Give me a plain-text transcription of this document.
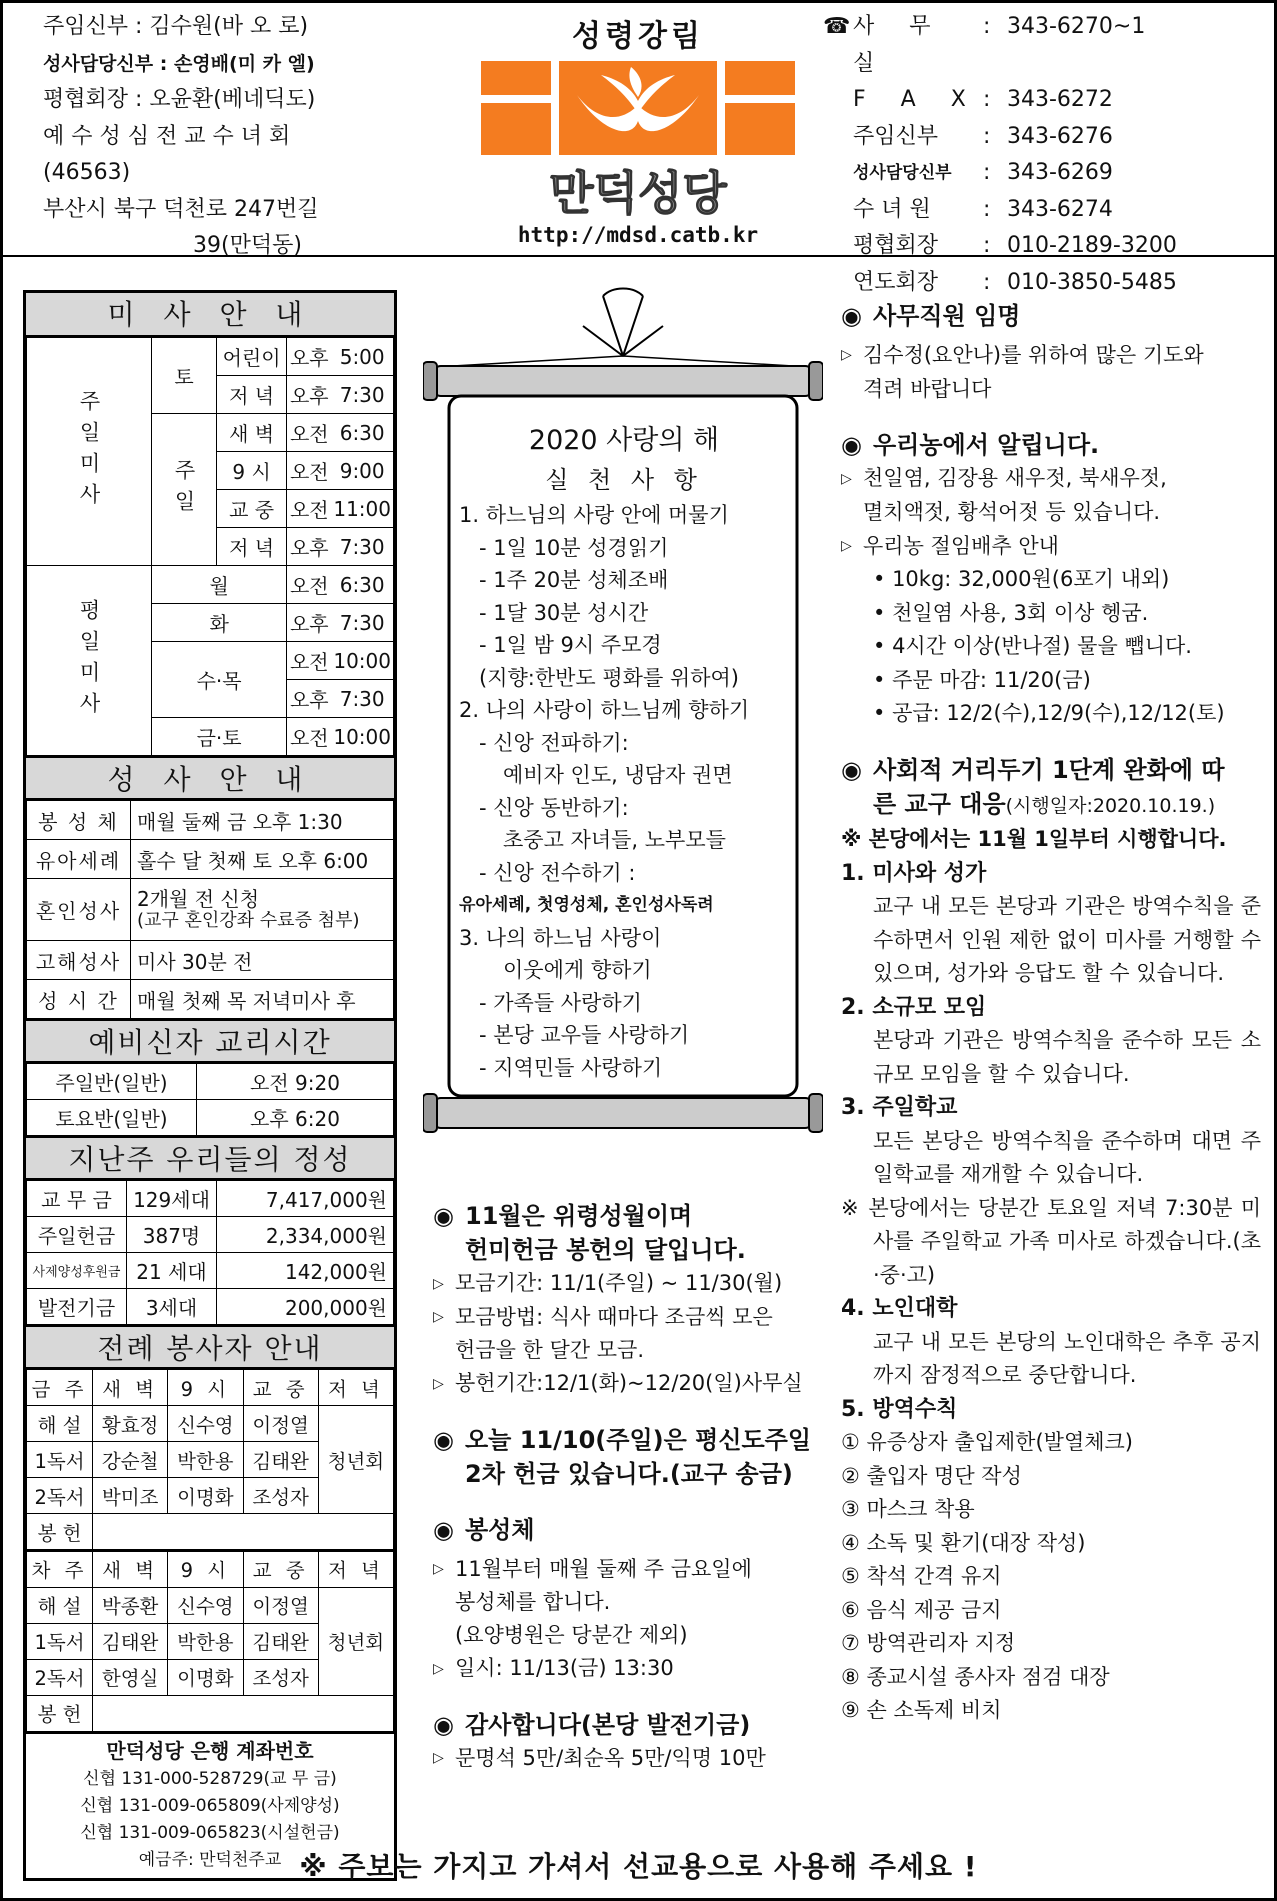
주임신부 : 김수원(바 오 로)
성사담당신부 : 손영배(미 카 엘)
평협회장 : 오윤환(베네딕도)
예 수 성 심 전 교 수 녀 회
(46563)
부산시 북구 덕천로 247번길
39(만덕동)
성령강림
만덕성당
http://mdsd.catb.kr
☎ 사 무 실
: 343-6270~1
F A X : 343-6272
주임신부	: 343-6276
성사담당신부	: 343-6269
수 녀 원	: 343-6274
평협회장	: 010-2189-3200
연도회장	: 010-3850-5485
미 사 안 내
주일미사	토	어린이	오후	5:00
		저 녁	오후	7:30
	주일	새 벽	오전	6:30
		9 시	오전	9:00
		교 중	오전	11:00
		저 녁	오후	7:30
평일미사	월		오전	6:30
	화		오후	7:30
	수·목		오전	10:00
			오후	7:30
	금·토		오전	10:00
성 사 안 내
봉 성 체	매월 둘째 금 오후 1:30
유아세례	홀수 달 첫째 토 오후 6:00
혼인성사	2개월 전 신청
(교구 혼인강좌 수료증 첨부)

고해성사	미사 30분 전
성 시 간	매월 첫째 목 저녁미사 후
예비신자 교리시간
주일반(일반)	오전 9:20
토요반(일반)	오후 6:20
지난주 우리들의 정성
교 무 금	129세대	7,417,000원
주일헌금	387명	2,334,000원
사제양성후원금	21 세대	142,000원
발전기금	3세대	200,000원
전례 봉사자 안내
금 주	새 벽	9 시	교 중	저 녁
해 설	황효정	신수영	이정열	청년회
1독서	강순철	박한용	김태완	
2독서	박미조	이명화	조성자	
봉 헌				
차 주	새 벽	9 시	교 중	저 녁
해 설	박종환	신수영	이정열	청년회
1독서	김태완	박한용	김태완	
2독서	한영실	이명화	조성자	
봉 헌				
만덕성당 은행 계좌번호
신협 131-000-528729(교 무 금)
신협 131-009-065809(사제양성)
신협 131-009-065823(시설헌금)
예금주: 만덕천주교
2020 사랑의 해
실 천 사 항
1. 하느님의 사랑 안에 머물기
- 1일 10분 성경읽기
- 1주 20분 성체조배
- 1달 30분 성시간
- 1일 밤 9시 주모경
(지향:한반도 평화를 위하여)
2. 나의 사랑이 하느님께 향하기
- 신앙 전파하기:
예비자 인도, 냉담자 권면
- 신앙 동반하기:
초중고 자녀들, 노부모들
- 신앙 전수하기 :
유아세례, 첫영성체, 혼인성사독려
3. 나의 하느님 사랑이
이웃에게 향하기
- 가족들 사랑하기
- 본당 교우들 사랑하기
- 지역민들 사랑하기
◉ 11월은 위령성월이며
헌미헌금 봉헌의 달입니다.
▷ 모금기간: 11/1(주일) ~ 11/30(월)
▷ 모금방법: 식사 때마다 조금씩 모은
헌금을 한 달간 모금.
▷ 봉헌기간:12/1(화)~12/20(일)사무실
◉ 오늘 11/10(주일)은 평신도주일
2차 헌금 있습니다.(교구 송금)
◉ 봉성체
▷ 11월부터 매월 둘째 주 금요일에
봉성체를 합니다.
(요양병원은 당분간 제외)
▷ 일시: 11/13(금) 13:30
◉ 감사합니다(본당 발전기금)
▷ 문명석 5만/최순옥 5만/익명 10만
◉ 사무직원 임명
▷ 김수정(요안나)를 위하여 많은 기도와
격려 바랍니다
◉ 우리농에서 알립니다.
▷ 천일염, 김장용 새우젓, 북새우젓,
멸치액젓, 황석어젓 등 있습니다.
▷ 우리농 절임배추 안내
• 10kg: 32,000원(6포기 내외)
• 천일염 사용, 3회 이상 헹굼.
• 4시간 이상(반나절) 물을 뺍니다.
• 주문 마감: 11/20(금)
• 공급: 12/2(수),12/9(수),12/12(토)
◉ 사회적 거리두기 1단계 완화에 따
른 교구 대응(시행일자:2020.10.19.)
※ 본당에서는 11월 1일부터 시행합니다.
1. 미사와 성가
교구 내 모든 본당과 기관은 방역수칙을 준수하면서 인원 제한 없이 미사를 거행할 수 있으며, 성가와 응답도 할 수 있습니다.
2. 소규모 모임
본당과 기관은 방역수칙을 준수하 모든 소규모 모임을 할 수 있습니다.
3. 주일학교
모든 본당은 방역수칙을 준수하며 대면 주일학교를 재개할 수 있습니다.
※ 본당에서는 당분간 토요일 저녁 7:30분 미사를 주일학교 가족 미사로 하겠습니다.(초·중·고)
4. 노인대학
교구 내 모든 본당의 노인대학은 추후 공지까지 잠정적으로 중단합니다.
5. 방역수칙
① 유증상자 출입제한(발열체크)
② 출입자 명단 작성
③ 마스크 착용
④ 소독 및 환기(대장 작성)
⑤ 착석 간격 유지
⑥ 음식 제공 금지
⑦ 방역관리자 지정
⑧ 종교시설 종사자 점검 대장
⑨ 손 소독제 비치
※ 주보는 가지고 가셔서 선교용으로 사용해 주세요 !
